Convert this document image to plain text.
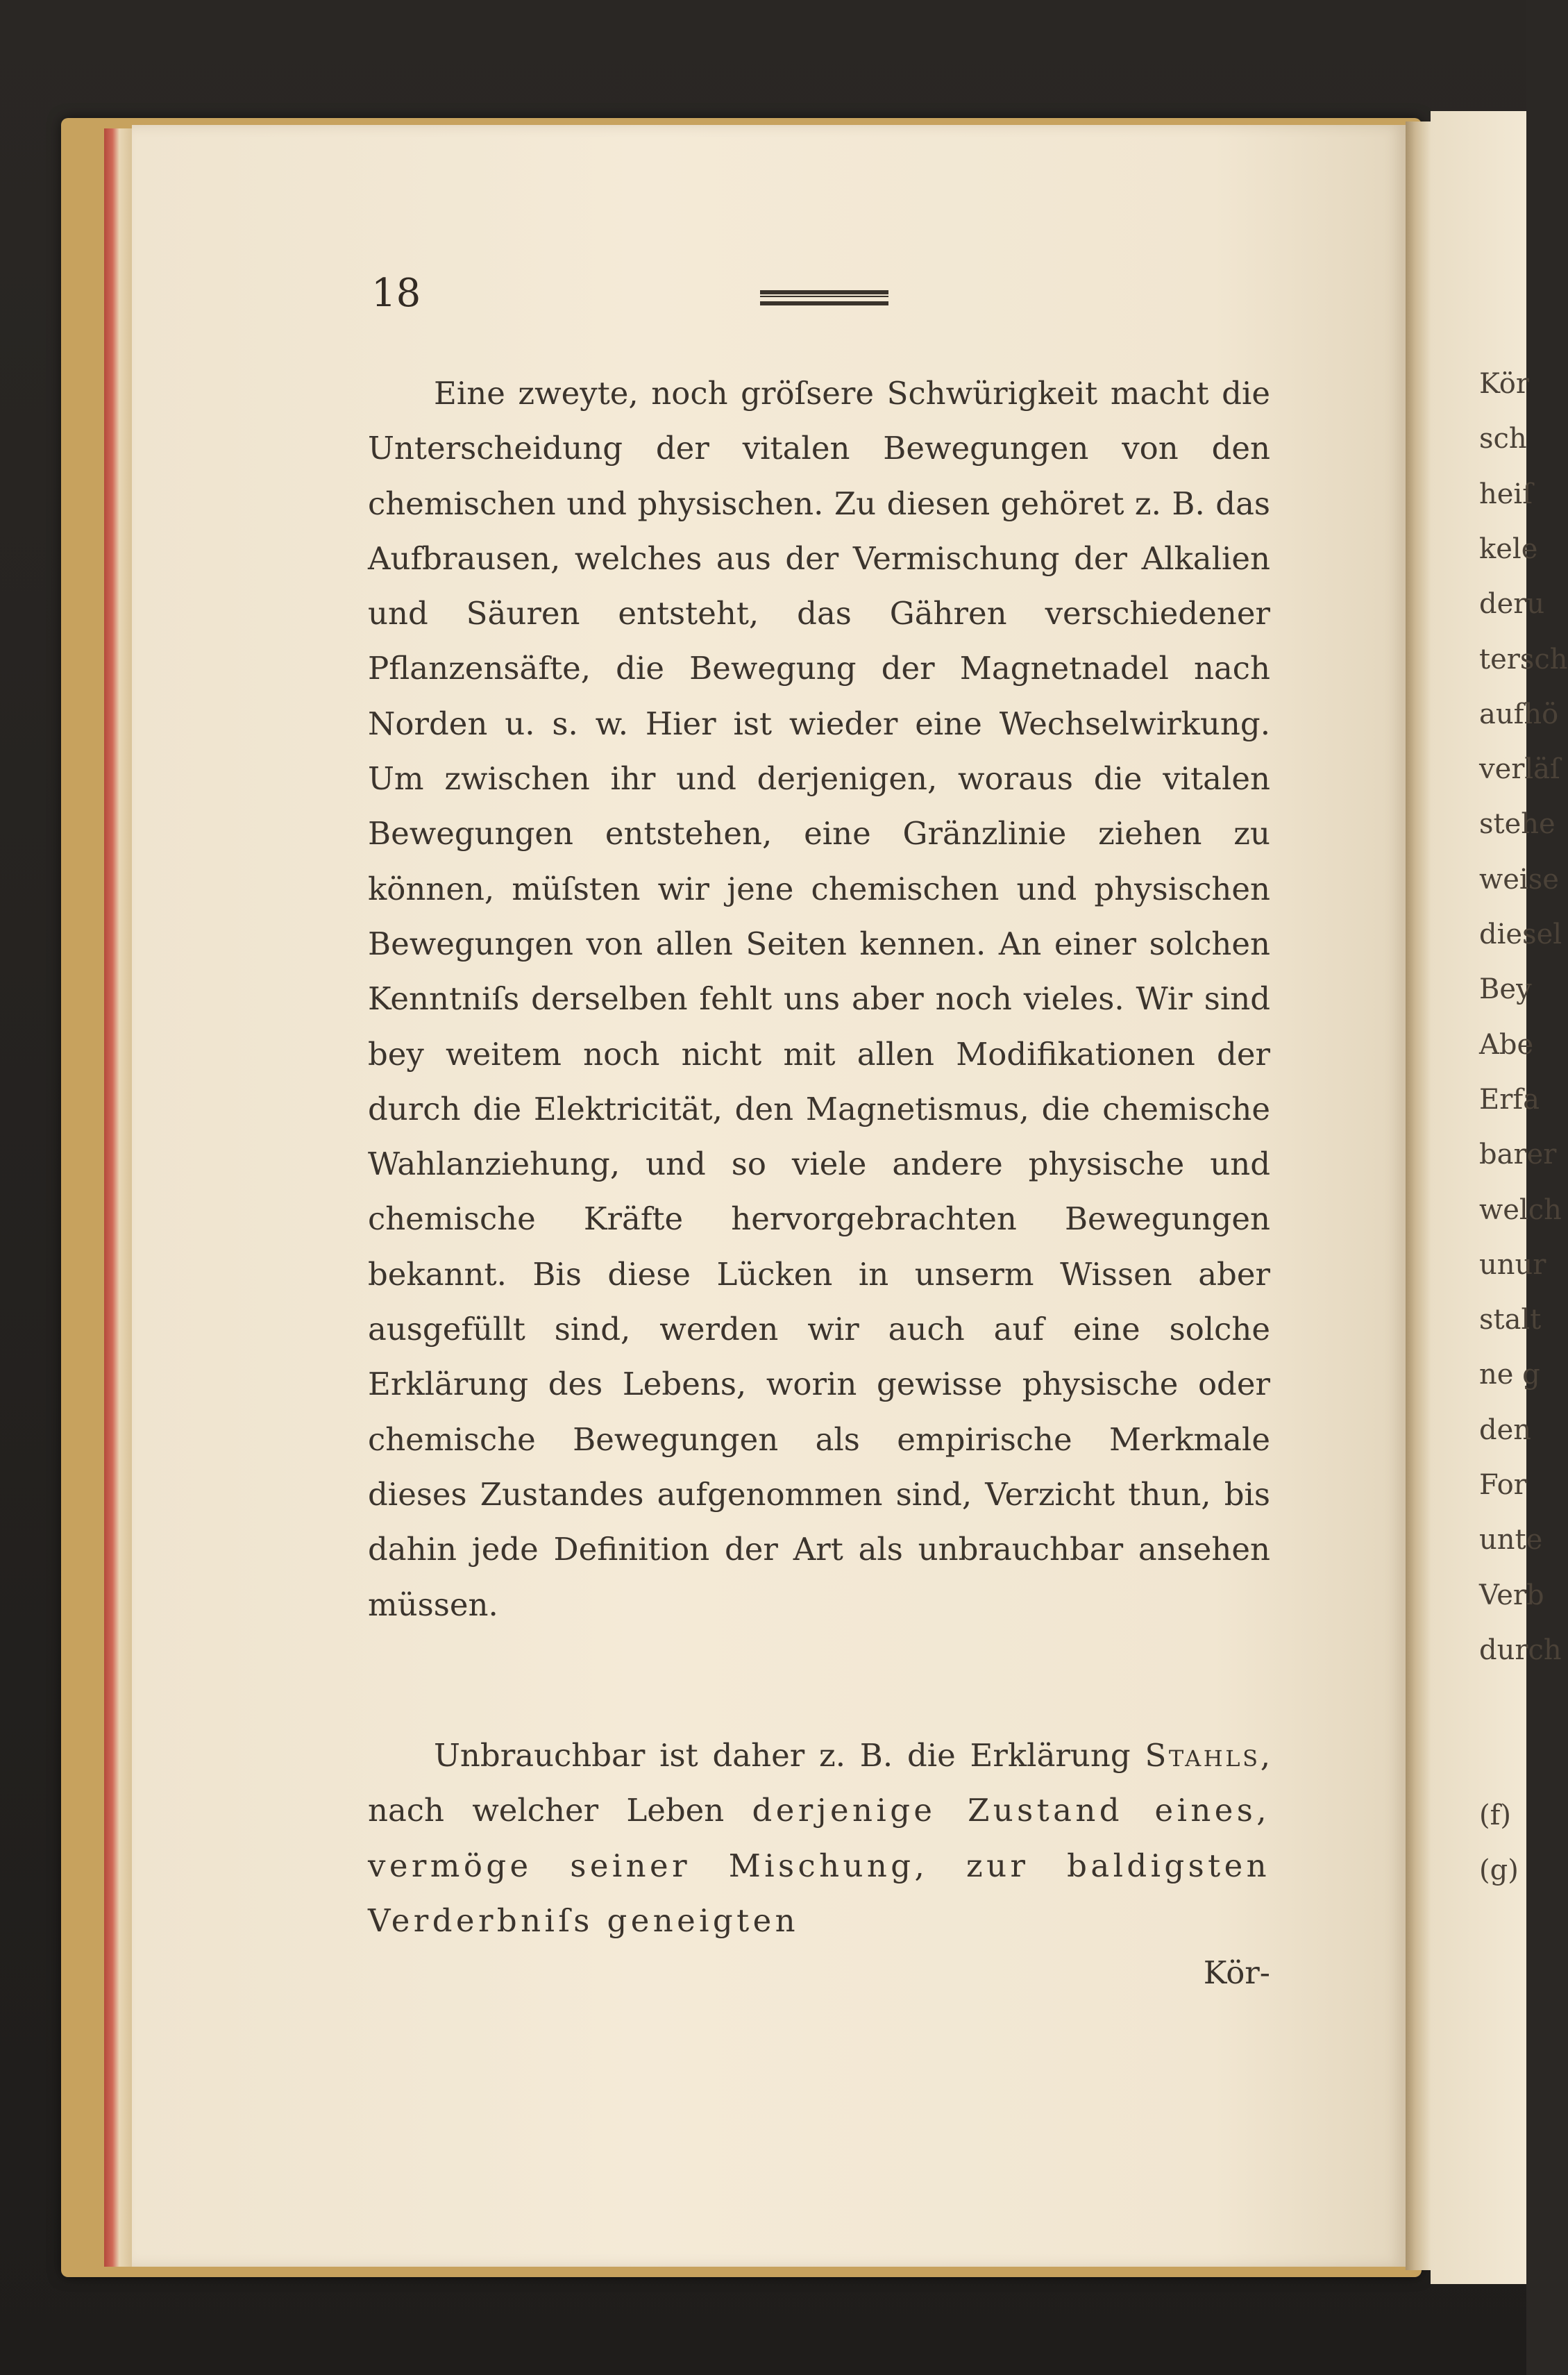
18

Eine zweyte, noch gröſsere Schwürigkeit macht die Unterscheidung der vitalen Bewegungen von den chemischen und physischen. Zu diesen gehöret z. B. das Aufbrausen, welches aus der Vermischung der Alkalien und Säuren entsteht, das Gähren verschiedener Pflanzensäfte, die Bewegung der Magnetnadel nach Norden u. s. w. Hier ist wieder eine Wechselwirkung. Um zwischen ihr und derjenigen, woraus die vitalen Bewegungen entstehen, eine Gränzlinie ziehen zu können, müſsten wir jene chemischen und physischen Bewegungen von allen Seiten kennen. An einer solchen Kenntniſs derselben fehlt uns aber noch vieles. Wir sind bey weitem noch nicht mit allen Modifikationen der durch die Elektricität, den Magnetismus, die chemische Wahlanziehung, und so viele andere physische und chemische Kräfte hervorgebrachten Bewegungen bekannt. Bis diese Lücken in unserm Wissen aber ausgefüllt sind, werden wir auch auf eine solche Erklärung des Lebens, worin gewisse physische oder chemische Bewegungen als empirische Merkmale dieses Zustandes aufgenommen sind, Verzicht thun, bis dahin jede Definition der Art als unbrauchbar ansehen müssen.

Unbrauchbar ist daher z. B. die Erklärung Stahls, nach welcher Leben derjenige Zustand eines, vermöge seiner Mischung, zur baldigsten Verderbniſs geneigten

Kör-
Kör
sch
heiſ
kele
deru
tersch
aufhö
verläſ
stehe
weise
diesel
Bey
Abe
Erfa
barer
welch
unur
stalt
ne g
den
For
unte
Verb
durch
(f)
(g)
